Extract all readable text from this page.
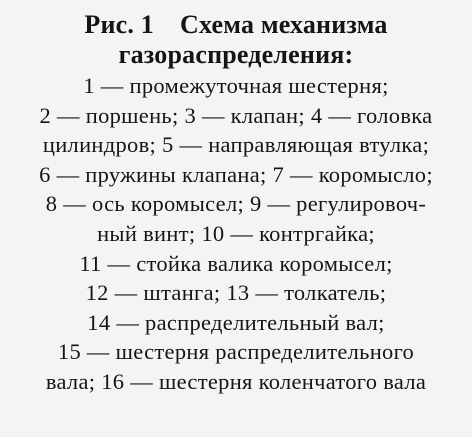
Рис. 1 Схема механизма
газораспределения:
1 — промежуточная шестерня;
2 — поршень; 3 — клапан; 4 — головка
цилиндров; 5 — направляющая втулка;
6 — пружины клапана; 7 — коромысло;
8 — ось коромысел; 9 — регулировоч-
ный винт; 10 — контргайка;
11 — стойка валика коромысел;
12 — штанга; 13 — толкатель;
14 — распределительный вал;
15 — шестерня распределительного
вала; 16 — шестерня коленчатого вала
